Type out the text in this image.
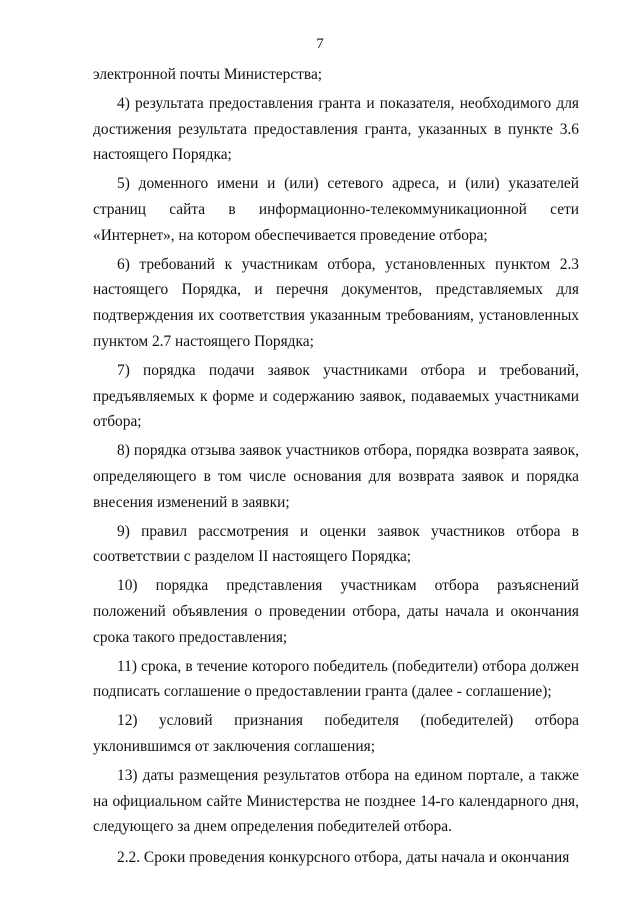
7

электронной почты Министерства;

4) результата предоставления гранта и показателя, необходимого для достижения результата предоставления гранта, указанных в пункте 3.6 настоящего Порядка;

5) доменного имени и (или) сетевого адреса, и (или) указателей страниц сайта в информационно-телекоммуникационной сети «Интернет», на котором обеспечивается проведение отбора;

6) требований к участникам отбора, установленных пунктом 2.3 настоящего Порядка, и перечня документов, представляемых для подтверждения их соответствия указанным требованиям, установленных пунктом 2.7 настоящего Порядка;

7) порядка подачи заявок участниками отбора и требований, предъявляемых к форме и содержанию заявок, подаваемых участниками отбора;

8) порядка отзыва заявок участников отбора, порядка возврата заявок, определяющего в том числе основания для возврата заявок и порядка внесения изменений в заявки;

9) правил рассмотрения и оценки заявок участников отбора в соответствии с разделом II настоящего Порядка;

10) порядка представления участникам отбора разъяснений положений объявления о проведении отбора, даты начала и окончания срока такого предоставления;

11) срока, в течение которого победитель (победители) отбора должен подписать соглашение о предоставлении гранта (далее - соглашение);

12) условий признания победителя (победителей) отбора уклонившимся от заключения соглашения;

13) даты размещения результатов отбора на едином портале, а также на официальном сайте Министерства не позднее 14-го календарного дня, следующего за днем определения победителей отбора.

2.2. Сроки проведения конкурсного отбора, даты начала и окончания
